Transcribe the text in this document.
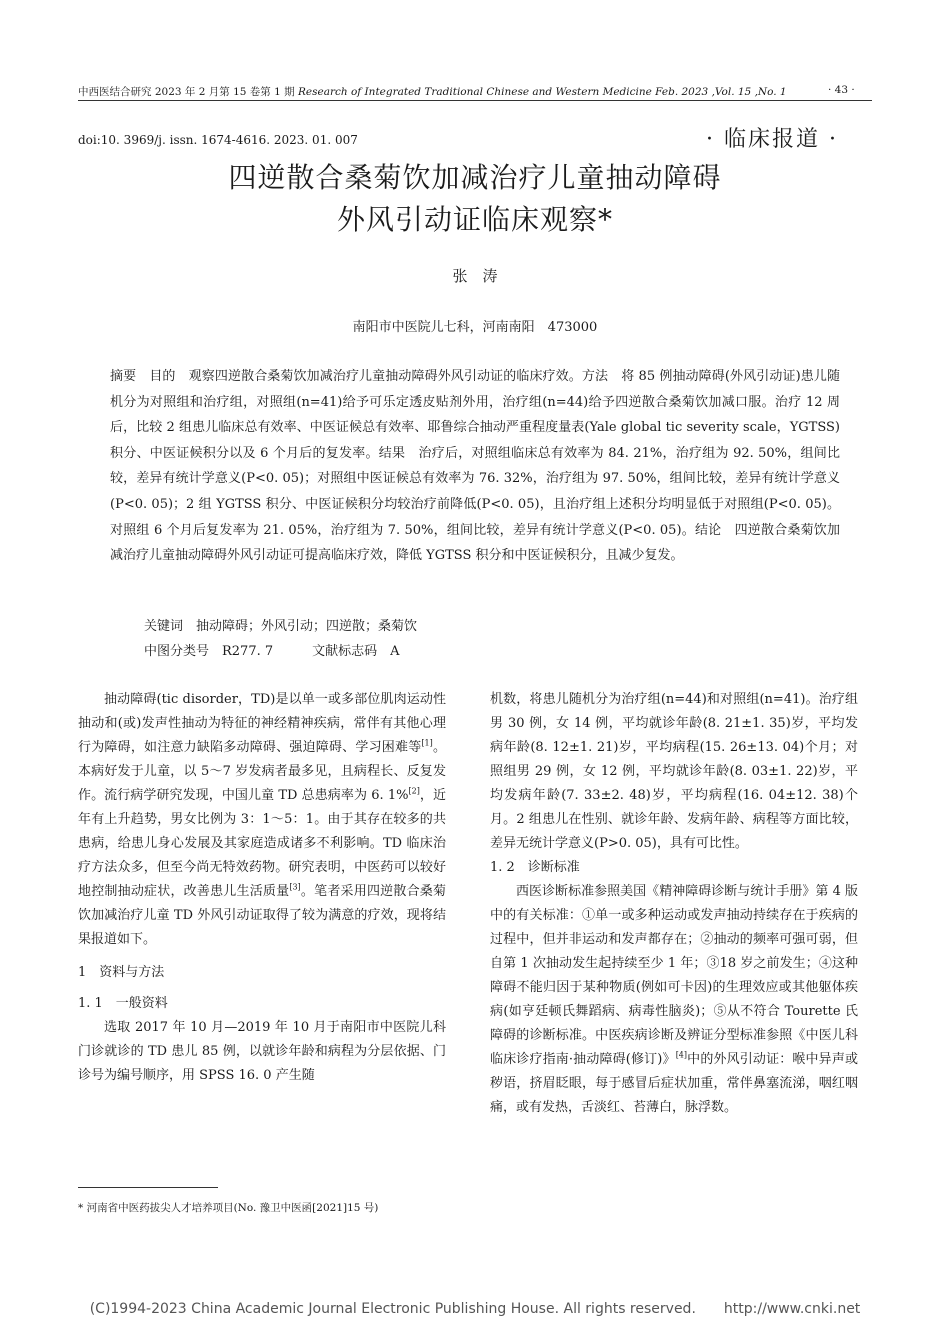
中西医结合研究 2023 年 2 月第 15 卷第 1 期 Research of Integrated Traditional Chinese and Western Medicine Feb. 2023 ,Vol. 15 ,No. 1	· 43 ·
doi:10. 3969/j. issn. 1674-4616. 2023. 01. 007	· 临床报道 ·
四逆散合桑菊饮加减治疗儿童抽动障碍
外风引动证临床观察*
张　涛
南阳市中医院儿七科，河南南阳　473000
摘要　目的　观察四逆散合桑菊饮加减治疗儿童抽动障碍外风引动证的临床疗效。方法　将 85 例抽动障碍(外风引动证)患儿随机分为对照组和治疗组，对照组(n=41)给予可乐定透皮贴剂外用，治疗组(n=44)给予四逆散合桑菊饮加减口服。治疗 12 周后，比较 2 组患儿临床总有效率、中医证候总有效率、耶鲁综合抽动严重程度量表(Yale global tic severity scale，YGTSS)积分、中医证候积分以及 6 个月后的复发率。结果　治疗后，对照组临床总有效率为 84. 21%，治疗组为 92. 50%，组间比较，差异有统计学意义(P<0. 05)；对照组中医证候总有效率为 76. 32%，治疗组为 97. 50%，组间比较，差异有统计学意义(P<0. 05)；2 组 YGTSS 积分、中医证候积分均较治疗前降低(P<0. 05)，且治疗组上述积分均明显低于对照组(P<0. 05)。对照组 6 个月后复发率为 21. 05%，治疗组为 7. 50%，组间比较，差异有统计学意义(P<0. 05)。结论　四逆散合桑菊饮加减治疗儿童抽动障碍外风引动证可提高临床疗效，降低 YGTSS 积分和中医证候积分，且减少复发。
关键词　抽动障碍；外风引动；四逆散；桑菊饮
中图分类号　R277. 7　　　文献标志码　A

抽动障碍(tic disorder，TD)是以单一或多部位肌肉运动性抽动和(或)发声性抽动为特征的神经精神疾病，常伴有其他心理行为障碍，如注意力缺陷多动障碍、强迫障碍、学习困难等[1]。本病好发于儿童，以 5～7 岁发病者最多见，且病程长、反复发作。流行病学研究发现，中国儿童 TD 总患病率为 6. 1%[2]，近年有上升趋势，男女比例为 3：1～5：1。由于其存在较多的共患病，给患儿身心发展及其家庭造成诸多不利影响。TD 临床治疗方法众多，但至今尚无特效药物。研究表明，中医药可以较好地控制抽动症状，改善患儿生活质量[3]。笔者采用四逆散合桑菊饮加减治疗儿童 TD 外风引动证取得了较为满意的疗效，现将结果报道如下。

1　资料与方法

1. 1　一般资料

选取 2017 年 10 月—2019 年 10 月于南阳市中医院儿科门诊就诊的 TD 患儿 85 例，以就诊年龄和病程为分层依据、门诊号为编号顺序，用 SPSS 16. 0 产生随

机数，将患儿随机分为治疗组(n=44)和对照组(n=41)。治疗组男 30 例，女 14 例，平均就诊年龄(8. 21±1. 35)岁，平均发病年龄(8. 12±1. 21)岁，平均病程(15. 26±13. 04)个月；对照组男 29 例，女 12 例，平均就诊年龄(8. 03±1. 22)岁，平均发病年龄(7. 33±2. 48)岁，平均病程(16. 04±12. 38)个月。2 组患儿在性别、就诊年龄、发病年龄、病程等方面比较，差异无统计学意义(P>0. 05)，具有可比性。

1. 2　诊断标准

西医诊断标准参照美国《精神障碍诊断与统计手册》第 4 版中的有关标准：①单一或多种运动或发声抽动持续存在于疾病的过程中，但并非运动和发声都存在；②抽动的频率可强可弱，但自第 1 次抽动发生起持续至少 1 年；③18 岁之前发生；④这种障碍不能归因于某种物质(例如可卡因)的生理效应或其他躯体疾病(如亨廷顿氏舞蹈病、病毒性脑炎)；⑤从不符合 Tourette 氏障碍的诊断标准。中医疾病诊断及辨证分型标准参照《中医儿科临床诊疗指南·抽动障碍(修订)》[4]中的外风引动证：喉中异声或秽语，挤眉眨眼，每于感冒后症状加重，常伴鼻塞流涕，咽红咽痛，或有发热，舌淡红、苔薄白，脉浮数。

* 河南省中医药拔尖人才培养项目(No. 豫卫中医函[2021]15 号)
(C)1994-2023 China Academic Journal Electronic Publishing House. All rights reserved.　　http://www.cnki.net
